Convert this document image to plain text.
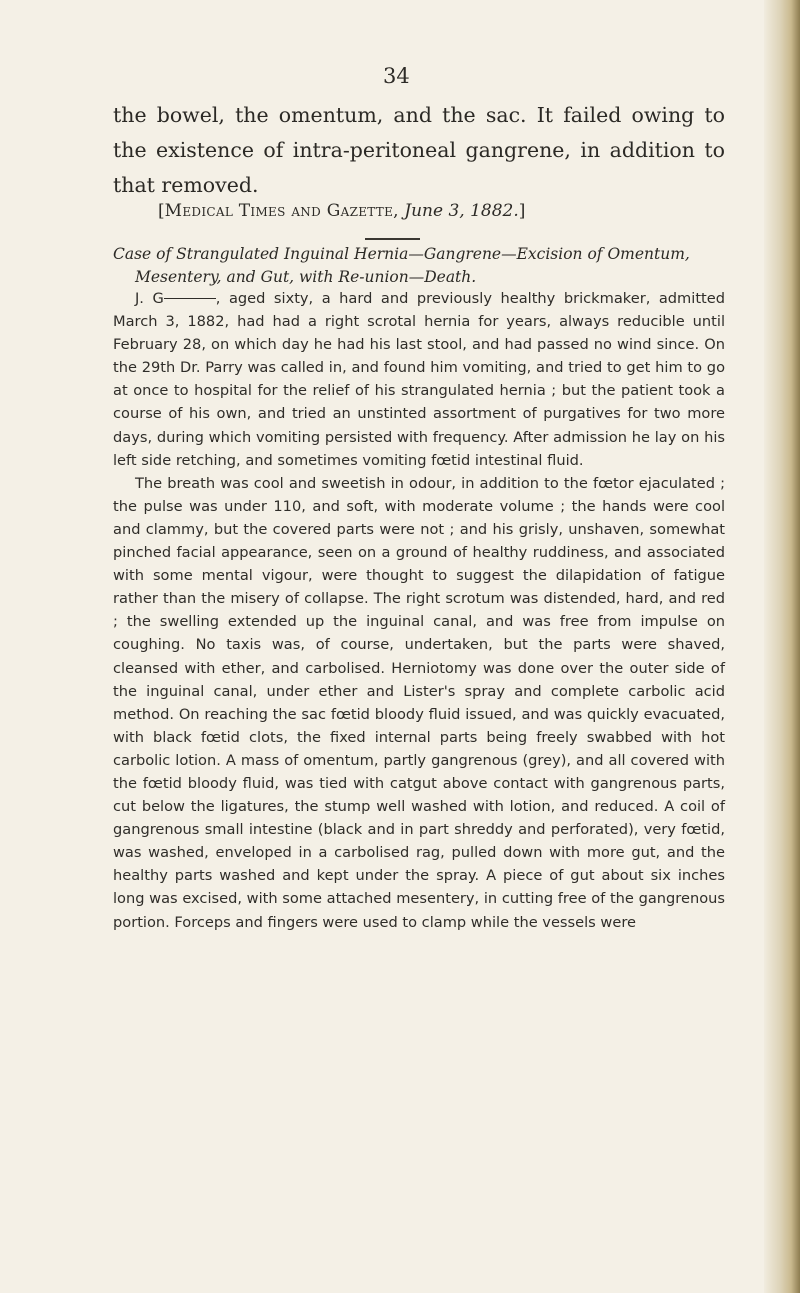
34

the bowel, the omentum, and the sac. It failed owing to the existence of intra-peritoneal gangrene, in addition to that removed.

[Medical Times and Gazette, June 3, 1882.]

Case of Strangulated Inguinal Hernia—Gangrene—Excision of Omentum,
Mesentery, and Gut, with Re-union—Death.

J. G	, aged sixty, a hard and previously healthy brickmaker, admitted March 3, 1882, had had a right scrotal hernia for years, always reducible until February 28, on which day he had his last stool, and had passed no wind since. On the 29th Dr. Parry was called in, and found him vomiting, and tried to get him to go at once to hospital for the relief of his strangulated hernia ; but the patient took a course of his own, and tried an unstinted assortment of purgatives for two more days, during which vomiting persisted with frequency. After admission he lay on his left side retching, and sometimes vomiting fœtid intestinal fluid.

The breath was cool and sweetish in odour, in addition to the fœtor ejaculated ; the pulse was under 110, and soft, with moderate volume ; the hands were cool and clammy, but the covered parts were not ; and his grisly, unshaven, somewhat pinched facial appearance, seen on a ground of healthy ruddiness, and associated with some mental vigour, were thought to suggest the dilapidation of fatigue rather than the misery of collapse. The right scrotum was distended, hard, and red ; the swelling extended up the inguinal canal, and was free from impulse on coughing. No taxis was, of course, undertaken, but the parts were shaved, cleansed with ether, and carbolised. Herniotomy was done over the outer side of the inguinal canal, under ether and Lister's spray and complete carbolic acid method. On reaching the sac fœtid bloody fluid issued, and was quickly evacuated, with black fœtid clots, the fixed internal parts being freely swabbed with hot carbolic lotion. A mass of omentum, partly gangrenous (grey), and all covered with the fœtid bloody fluid, was tied with catgut above contact with gangrenous parts, cut below the ligatures, the stump well washed with lotion, and reduced. A coil of gangrenous small intestine (black and in part shreddy and perforated), very fœtid, was washed, enveloped in a carbolised rag, pulled down with more gut, and the healthy parts washed and kept under the spray. A piece of gut about six inches long was excised, with some attached mesentery, in cutting free of the gangrenous portion. Forceps and fingers were used to clamp while the vessels were
